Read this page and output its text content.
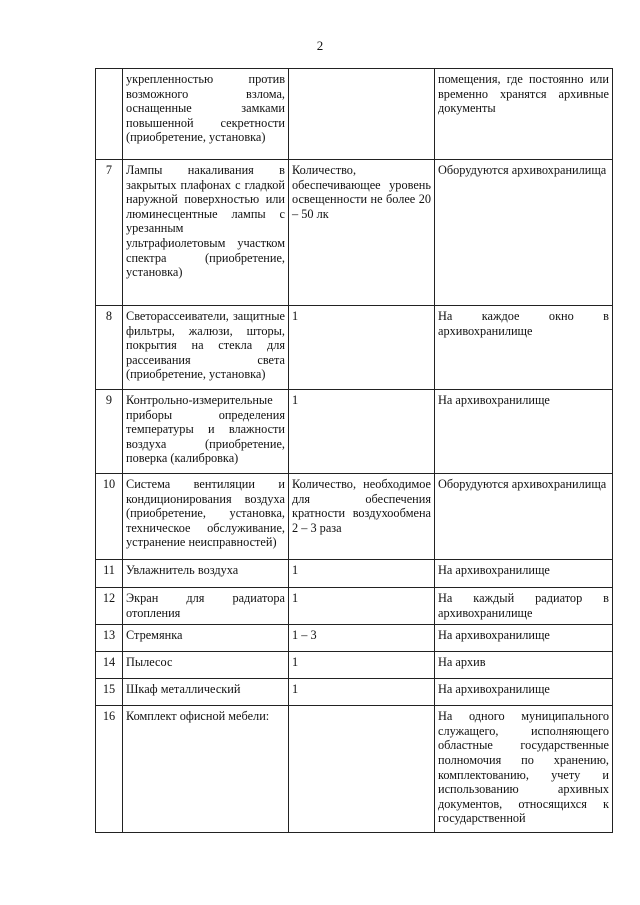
2
	укрепленностью против возможного взлома, оснащенные замками повышенной секретности (приобретение, установка)		помещения, где постоянно или временно хранятся архивные документы
7	Лампы накаливания в закрытых плафонах с гладкой наружной поверхностью или люминесцентные лампы с урезанным ультрафиолетовым участком спектра (приобретение, установка)	Количество, обеспечивающее уровень освещенности не более 20 – 50 лк	Оборудуются архивохранилища
8	Светорассеиватели, защитные фильтры, жалюзи, шторы, покрытия на стекла для рассеивания света (приобретение, установка)	1	На каждое окно в архивохранилище
9	Контрольно-измерительные приборы определения температуры и влажности воздуха (приобретение, поверка (калибровка)	1	На архивохранилище
10	Система вентиляции и кондиционирования воздуха (приобретение, установка, техническое обслуживание, устранение неисправностей)	Количество, необходимое для обеспечения кратности воздухообмена 2 – 3 раза	Оборудуются архивохранилища
11	Увлажнитель воздуха	1	На архивохранилище
12	Экран для радиатора отопления	1	На каждый радиатор в архивохранилище
13	Стремянка	1 – 3	На архивохранилище
14	Пылесос	1	На архив
15	Шкаф металлический	1	На архивохранилище
16	Комплект офисной мебели:		На одного муниципального служащего, исполняющего областные государственные полномочия по хранению, комплектованию, учету и использованию архивных документов, относящихся к государственной
